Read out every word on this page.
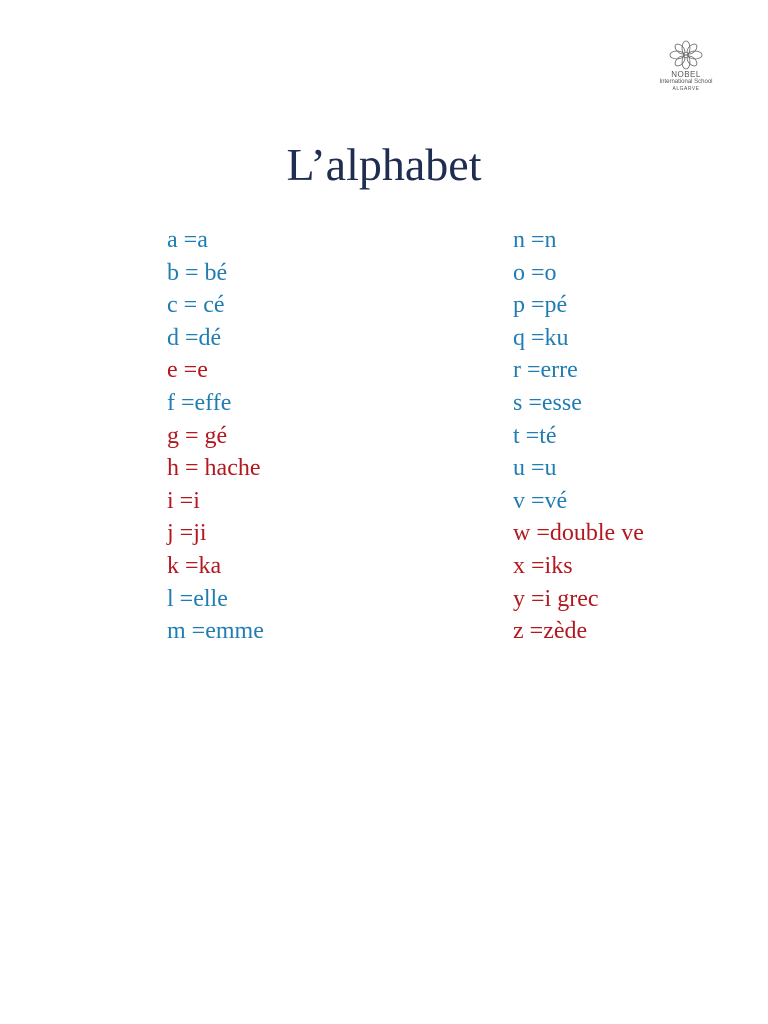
NOBEL
International School
ALGARVE
L’alphabet
a =a
b = bé
c = cé
d =dé
e =e
f =effe
g = gé
h = hache
i =i
j =ji
k =ka
l =elle
m =emme
n =n
o =o
p =pé
q =ku
r =erre
s =esse
t =té
u =u
v =vé
w =double ve
x =iks
y =i grec
z =zède
